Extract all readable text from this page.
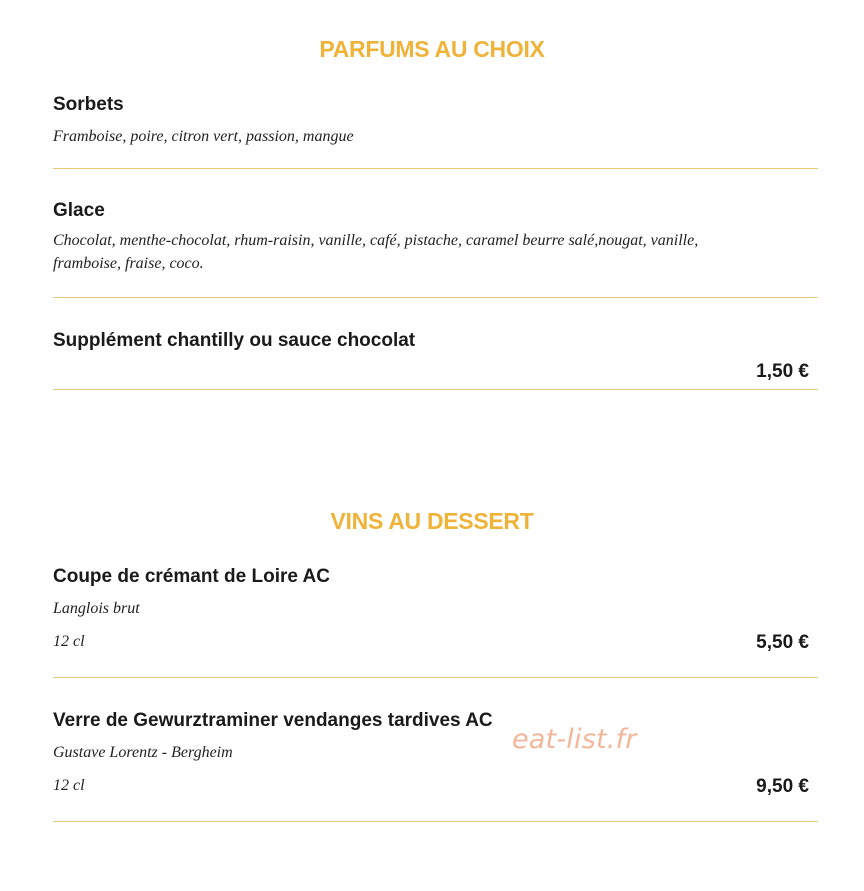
PARFUMS AU CHOIX

Sorbets

Framboise, poire, citron vert, passion, mangue

Glace

Chocolat, menthe-chocolat, rhum-raisin, vanille, café, pistache, caramel beurre salé,nougat, vanille,

framboise, fraise, coco.

Supplément chantilly ou sauce chocolat

1,50 €
VINS AU DESSERT

Coupe de crémant de Loire AC

Langlois brut

12 cl	5,50 €

Verre de Gewurztraminer vendanges tardives AC

Gustave Lorentz - Bergheim

12 cl	9,50 €
eat-list.fr
